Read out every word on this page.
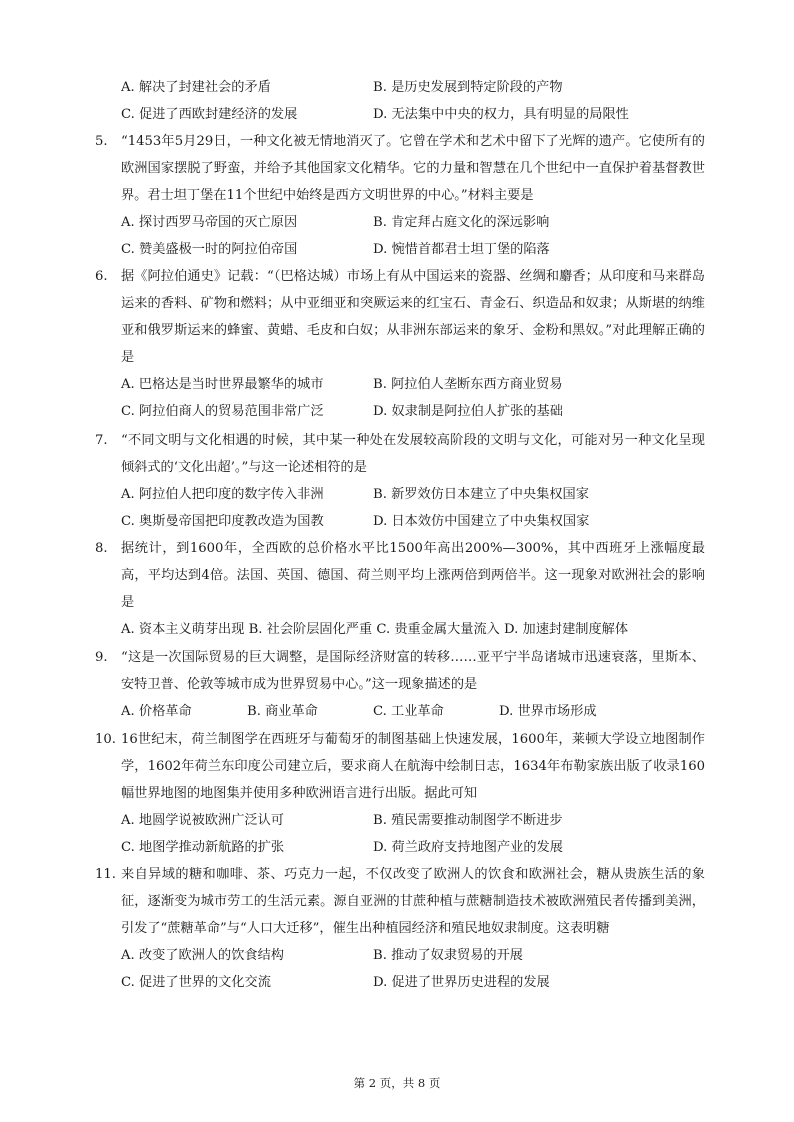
A. 解决了封建社会的矛盾	B. 是历史发展到特定阶段的产物
C. 促进了西欧封建经济的发展	D. 无法集中中央的权力，具有明显的局限性
5. “1453年5月29日，一种文化被无情地消灭了。它曾在学术和艺术中留下了光辉的遗产。它使所有的欧洲国家摆脱了野蛮，并给予其他国家文化精华。它的力量和智慧在几个世纪中一直保护着基督教世界。君士坦丁堡在11个世纪中始终是西方文明世界的中心。”材料主要是
A. 探讨西罗马帝国的灭亡原因	B. 肯定拜占庭文化的深远影响
C. 赞美盛极一时的阿拉伯帝国	D. 惋惜首都君士坦丁堡的陷落
6. 据《阿拉伯通史》记载：“（巴格达城）市场上有从中国运来的瓷器、丝绸和麝香；从印度和马来群岛运来的香料、矿物和燃料；从中亚细亚和突厥运来的红宝石、青金石、织造品和奴隶；从斯堪的纳维亚和俄罗斯运来的蜂蜜、黄蜡、毛皮和白奴；从非洲东部运来的象牙、金粉和黑奴。”对此理解正确的是
A. 巴格达是当时世界最繁华的城市	B. 阿拉伯人垄断东西方商业贸易
C. 阿拉伯商人的贸易范围非常广泛	D. 奴隶制是阿拉伯人扩张的基础
7. “不同文明与文化相遇的时候，其中某一种处在发展较高阶段的文明与文化，可能对另一种文化呈现倾斜式的‘文化出超’。”与这一论述相符的是
A. 阿拉伯人把印度的数字传入非洲	B. 新罗效仿日本建立了中央集权国家
C. 奥斯曼帝国把印度教改造为国教	D. 日本效仿中国建立了中央集权国家
8. 据统计，到1600年，全西欧的总价格水平比1500年高出200%—300%，其中西班牙上涨幅度最高，平均达到4倍。法国、英国、德国、荷兰则平均上涨两倍到两倍半。这一现象对欧洲社会的影响是
A. 资本主义萌芽出现 B. 社会阶层固化严重 C. 贵重金属大量流入 D. 加速封建制度解体
9. “这是一次国际贸易的巨大调整，是国际经济财富的转移……亚平宁半岛诸城市迅速衰落，里斯本、安特卫普、伦敦等城市成为世界贸易中心。”这一现象描述的是
A. 价格革命	B. 商业革命	C. 工业革命	D. 世界市场形成
10. 16世纪末，荷兰制图学在西班牙与葡萄牙的制图基础上快速发展，1600年，莱顿大学设立地图制作学，1602年荷兰东印度公司建立后，要求商人在航海中绘制日志，1634年布勒家族出版了收录160幅世界地图的地图集并使用多种欧洲语言进行出版。据此可知
A. 地圆学说被欧洲广泛认可	B. 殖民需要推动制图学不断进步
C. 地图学推动新航路的扩张	D. 荷兰政府支持地图产业的发展
11. 来自异域的糖和咖啡、茶、巧克力一起，不仅改变了欧洲人的饮食和欧洲社会，糖从贵族生活的象征，逐渐变为城市劳工的生活元素。源自亚洲的甘蔗种植与蔗糖制造技术被欧洲殖民者传播到美洲，引发了“蔗糖革命”与“人口大迁移”，催生出种植园经济和殖民地奴隶制度。这表明糖
A. 改变了欧洲人的饮食结构	B. 推动了奴隶贸易的开展
C. 促进了世界的文化交流	D. 促进了世界历史进程的发展
第 2 页，共 8 页
